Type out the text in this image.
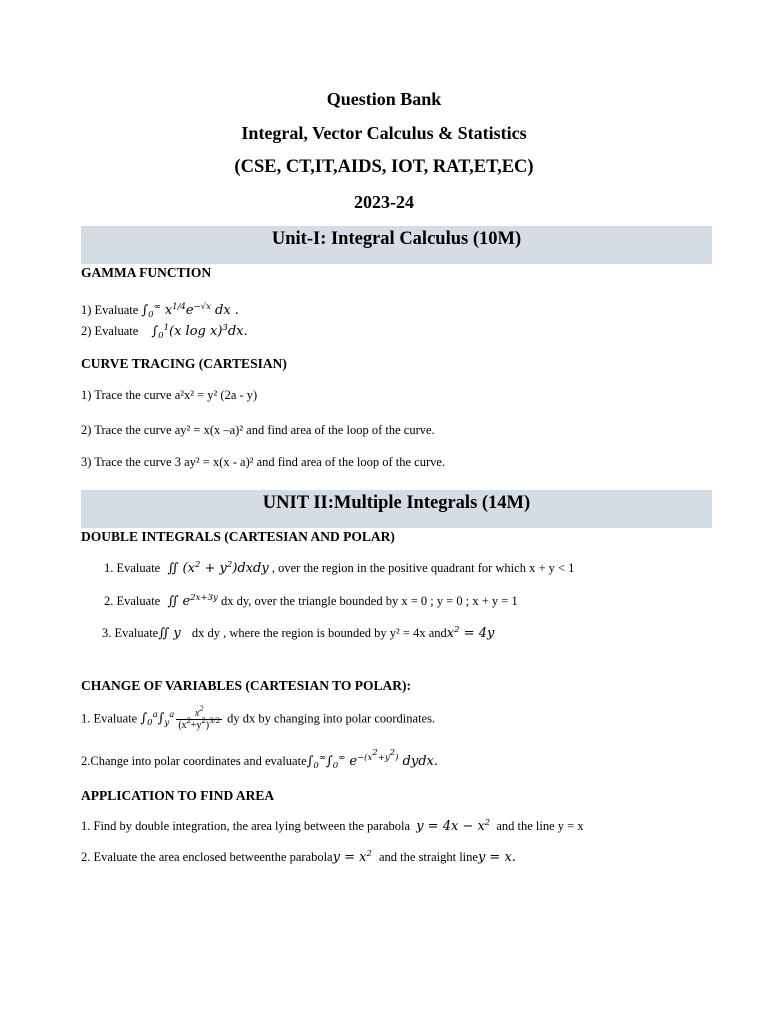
Question Bank
Integral, Vector Calculus & Statistics
(CSE, CT,IT,AIDS, IOT, RAT,ET,EC)
2023-24
Unit-I: Integral Calculus (10M)
GAMMA FUNCTION
1) Evaluate $\int_0^\infty$ $x^{1/4}e^{-√x}$ dx .
2) Evaluate $\int_0^1(x$ log x)$^3$dx.
CURVE TRACING (CARTESIAN)
1) Trace the curve a²x² = y² (2a - y)
2) Trace the curve ay² = x(x –a)² and find area of the loop of the curve.
3) Trace the curve 3 ay² = x(x - a)² and find area of the loop of the curve.
UNIT II:Multiple Integrals (14M)
DOUBLE INTEGRALS (CARTESIAN AND POLAR)
1. Evaluate ∬ ($x^2$ + $y^2)dxdy$ , over the region in the positive quadrant for which x + y < 1
2. Evaluate ∬ $e^{2x+3y}$ dx dy, over the triangle bounded by x = 0 ; y = 0 ; x + y = 1
3. Evaluate∬ y dx dy , where the region is bounded by y² = 4x andx$^2$ = 4y
CHANGE OF VARIABLES (CARTESIAN TO POLAR):
1. Evaluate $\int_0^a\int_y^a \frac{x^2}{(x^2+y^2)^{3/2}}$ dy dx by changing into polar coordinates.
2.Change into polar coordinates and $evaluate\int_0^\infty\int_0^\infty$ $e^{-(x^2+y^2)}$ dydx.
APPLICATION TO FIND AREA
1. Find by double integration, the area lying between the parabola $y = 4x - x^2$ and the line y = x
2. Evaluate the area enclosed betweenthe parabolay = $x^2$ and the straight liney = x.
